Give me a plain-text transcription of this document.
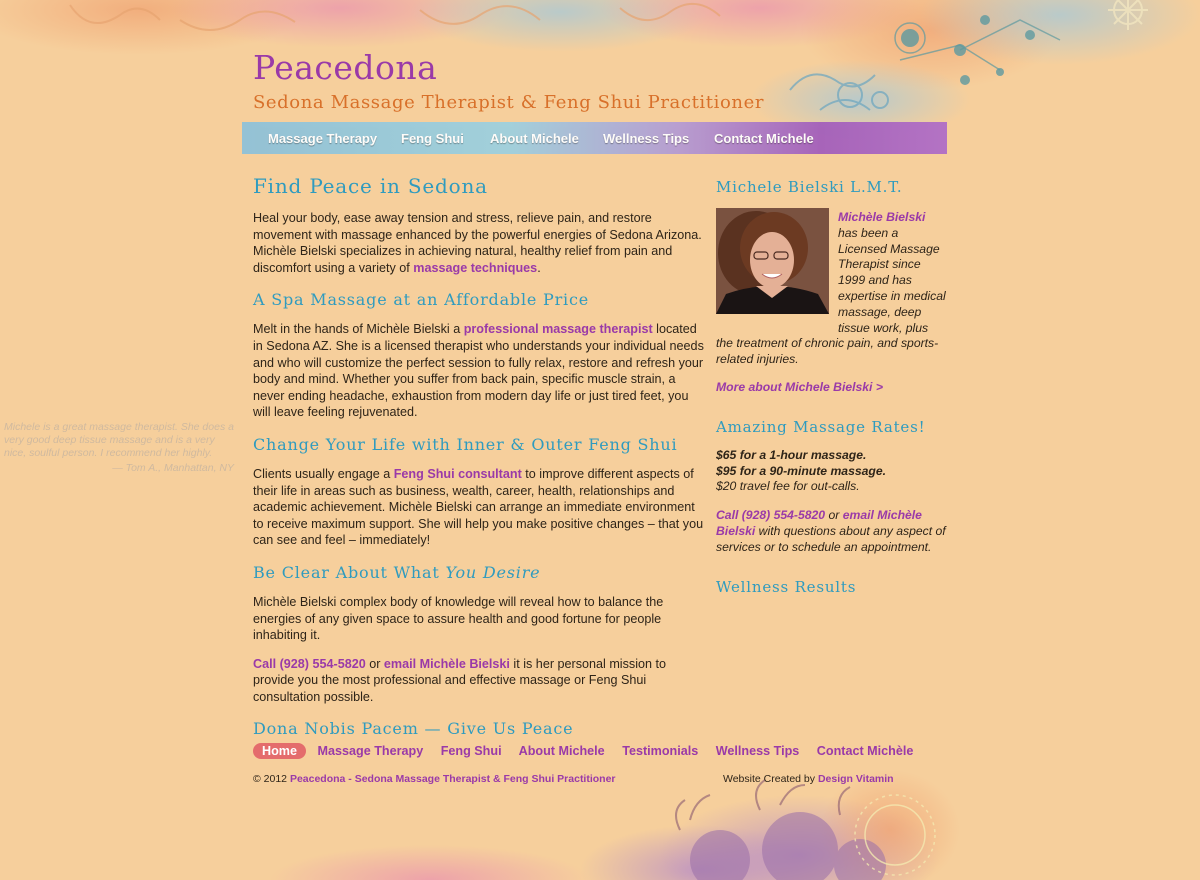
Peacedona
Sedona Massage Therapist & Feng Shui Practitioner
Massage Therapy Feng Shui About Michele Wellness Tips Contact Michele
Find Peace in Sedona

Heal your body, ease away tension and stress, relieve pain, and restore movement with massage enhanced by the powerful energies of Sedona Arizona. Michèle Bielski specializes in achieving natural, healthy relief from pain and discomfort using a variety of massage techniques.

A Spa Massage at an Affordable Price

Melt in the hands of Michèle Bielski a professional massage therapist located in Sedona AZ. She is a licensed therapist who understands your individual needs and who will customize the perfect session to fully relax, restore and refresh your body and mind. Whether you suffer from back pain, specific muscle strain, a never ending headache, exhaustion from modern day life or just tired feet, you will leave feeling rejuvenated.

Change Your Life with Inner & Outer Feng Shui

Clients usually engage a Feng Shui consultant to improve different aspects of their life in areas such as business, wealth, career, health, relationships and academic achievement. Michèle Bielski can arrange an immediate environment to receive maximum support. She will help you make positive changes – that you can see and feel – immediately!

Be Clear About What You Desire

Michèle Bielski complex body of knowledge will reveal how to balance the energies of any given space to assure health and good fortune for people inhabiting it.

Call (928) 554-5820 or email Michèle Bielski it is her personal mission to provide you the most professional and effective massage or Feng Shui consultation possible.

Dona Nobis Pacem — Give Us Peace
Michele Bielski L.M.T.

Michèle Bielski has been a Licensed Massage Therapist since 1999 and has expertise in medical massage, deep tissue work, plus the treatment of chronic pain, and sports-related injuries.

More about Michele Bielski >

Amazing Massage Rates!

$65 for a 1-hour massage.
$95 for a 90-minute massage.
$20 travel fee for out-calls.

Call (928) 554-5820 or email Michèle Bielski with questions about any aspect of services or to schedule an appointment.

Wellness Results
Michele is a great massage therapist. She does a very good deep tissue massage and is a very nice, soulful person. I recommend her highly.
— Tom A., Manhattan, NY
Home Massage Therapy Feng Shui About Michele Testimonials Wellness Tips Contact Michèle
© 2012 Peacedona - Sedona Massage Therapist & Feng Shui Practitioner	Website Created by Design Vitamin
